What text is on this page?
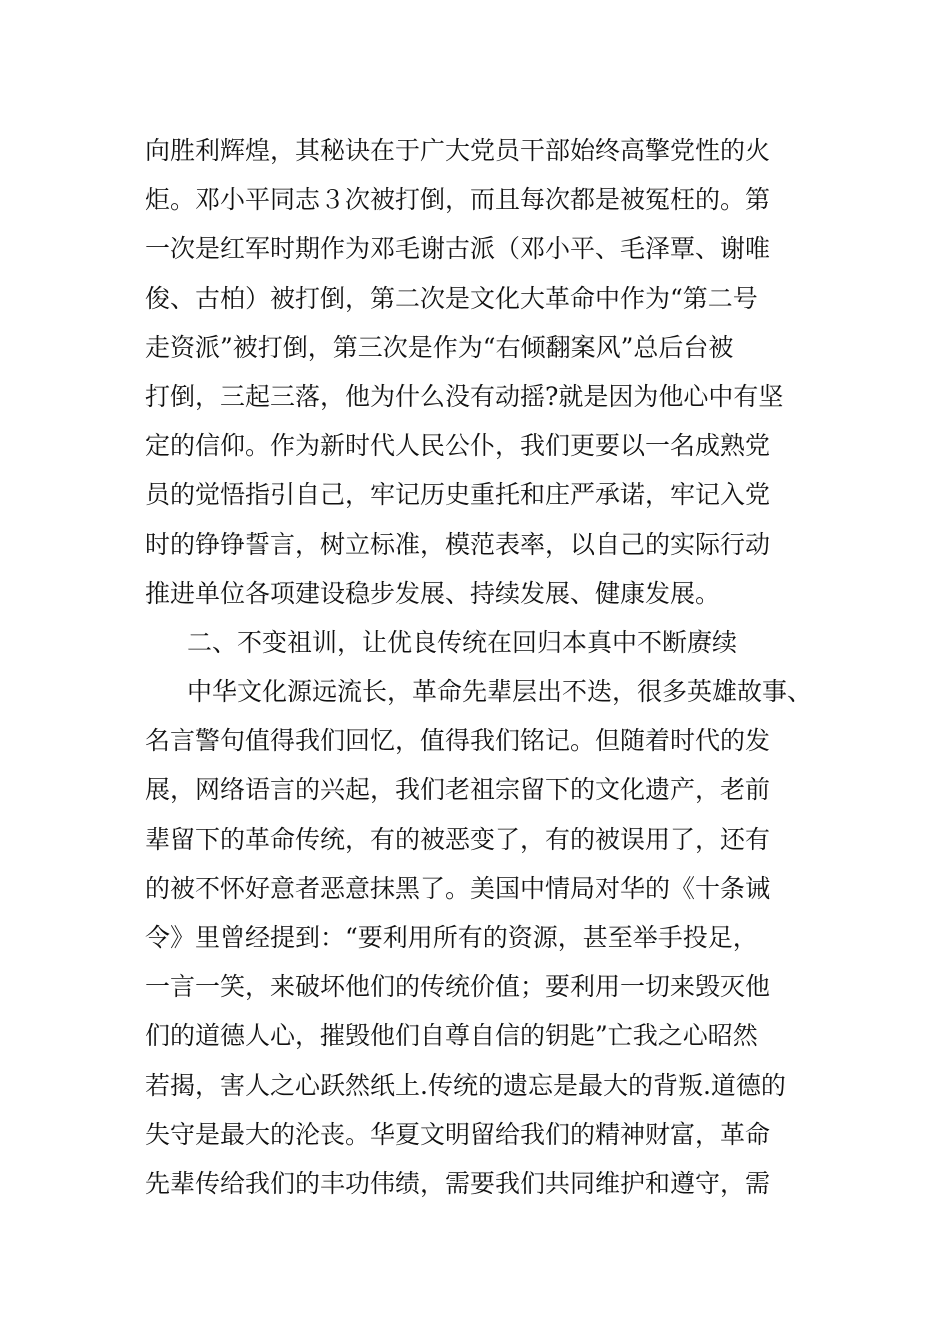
向胜利辉煌，其秘诀在于广大党员干部始终高擎党性的火
炬。邓小平同志３次被打倒，而且每次都是被冤枉的。第
一次是红军时期作为邓毛谢古派（邓小平、毛泽覃、谢唯
俊、古柏）被打倒，第二次是文化大革命中作为“第二号
走资派”被打倒，第三次是作为“右倾翻案风”总后台被
打倒，三起三落，他为什么没有动摇?就是因为他心中有坚
定的信仰。作为新时代人民公仆，我们更要以一名成熟党
员的觉悟指引自己，牢记历史重托和庄严承诺，牢记入党
时的铮铮誓言，树立标准，模范表率，以自己的实际行动
推进单位各项建设稳步发展、持续发展、健康发展。
二、不变祖训，让优良传统在回归本真中不断赓续
中华文化源远流长，革命先辈层出不迭，很多英雄故事、
名言警句值得我们回忆，值得我们铭记。但随着时代的发
展，网络语言的兴起，我们老祖宗留下的文化遗产，老前
辈留下的革命传统，有的被恶变了，有的被误用了，还有
的被不怀好意者恶意抹黑了。美国中情局对华的《十条诫
令》里曾经提到：“要利用所有的资源，甚至举手投足，
一言一笑，来破坏他们的传统价值；要利用一切来毁灭他
们的道德人心，摧毁他们自尊自信的钥匙”亡我之心昭然
若揭，害人之心跃然纸上.传统的遗忘是最大的背叛.道德的
失守是最大的沦丧。华夏文明留给我们的精神财富，革命
先辈传给我们的丰功伟绩，需要我们共同维护和遵守，需
